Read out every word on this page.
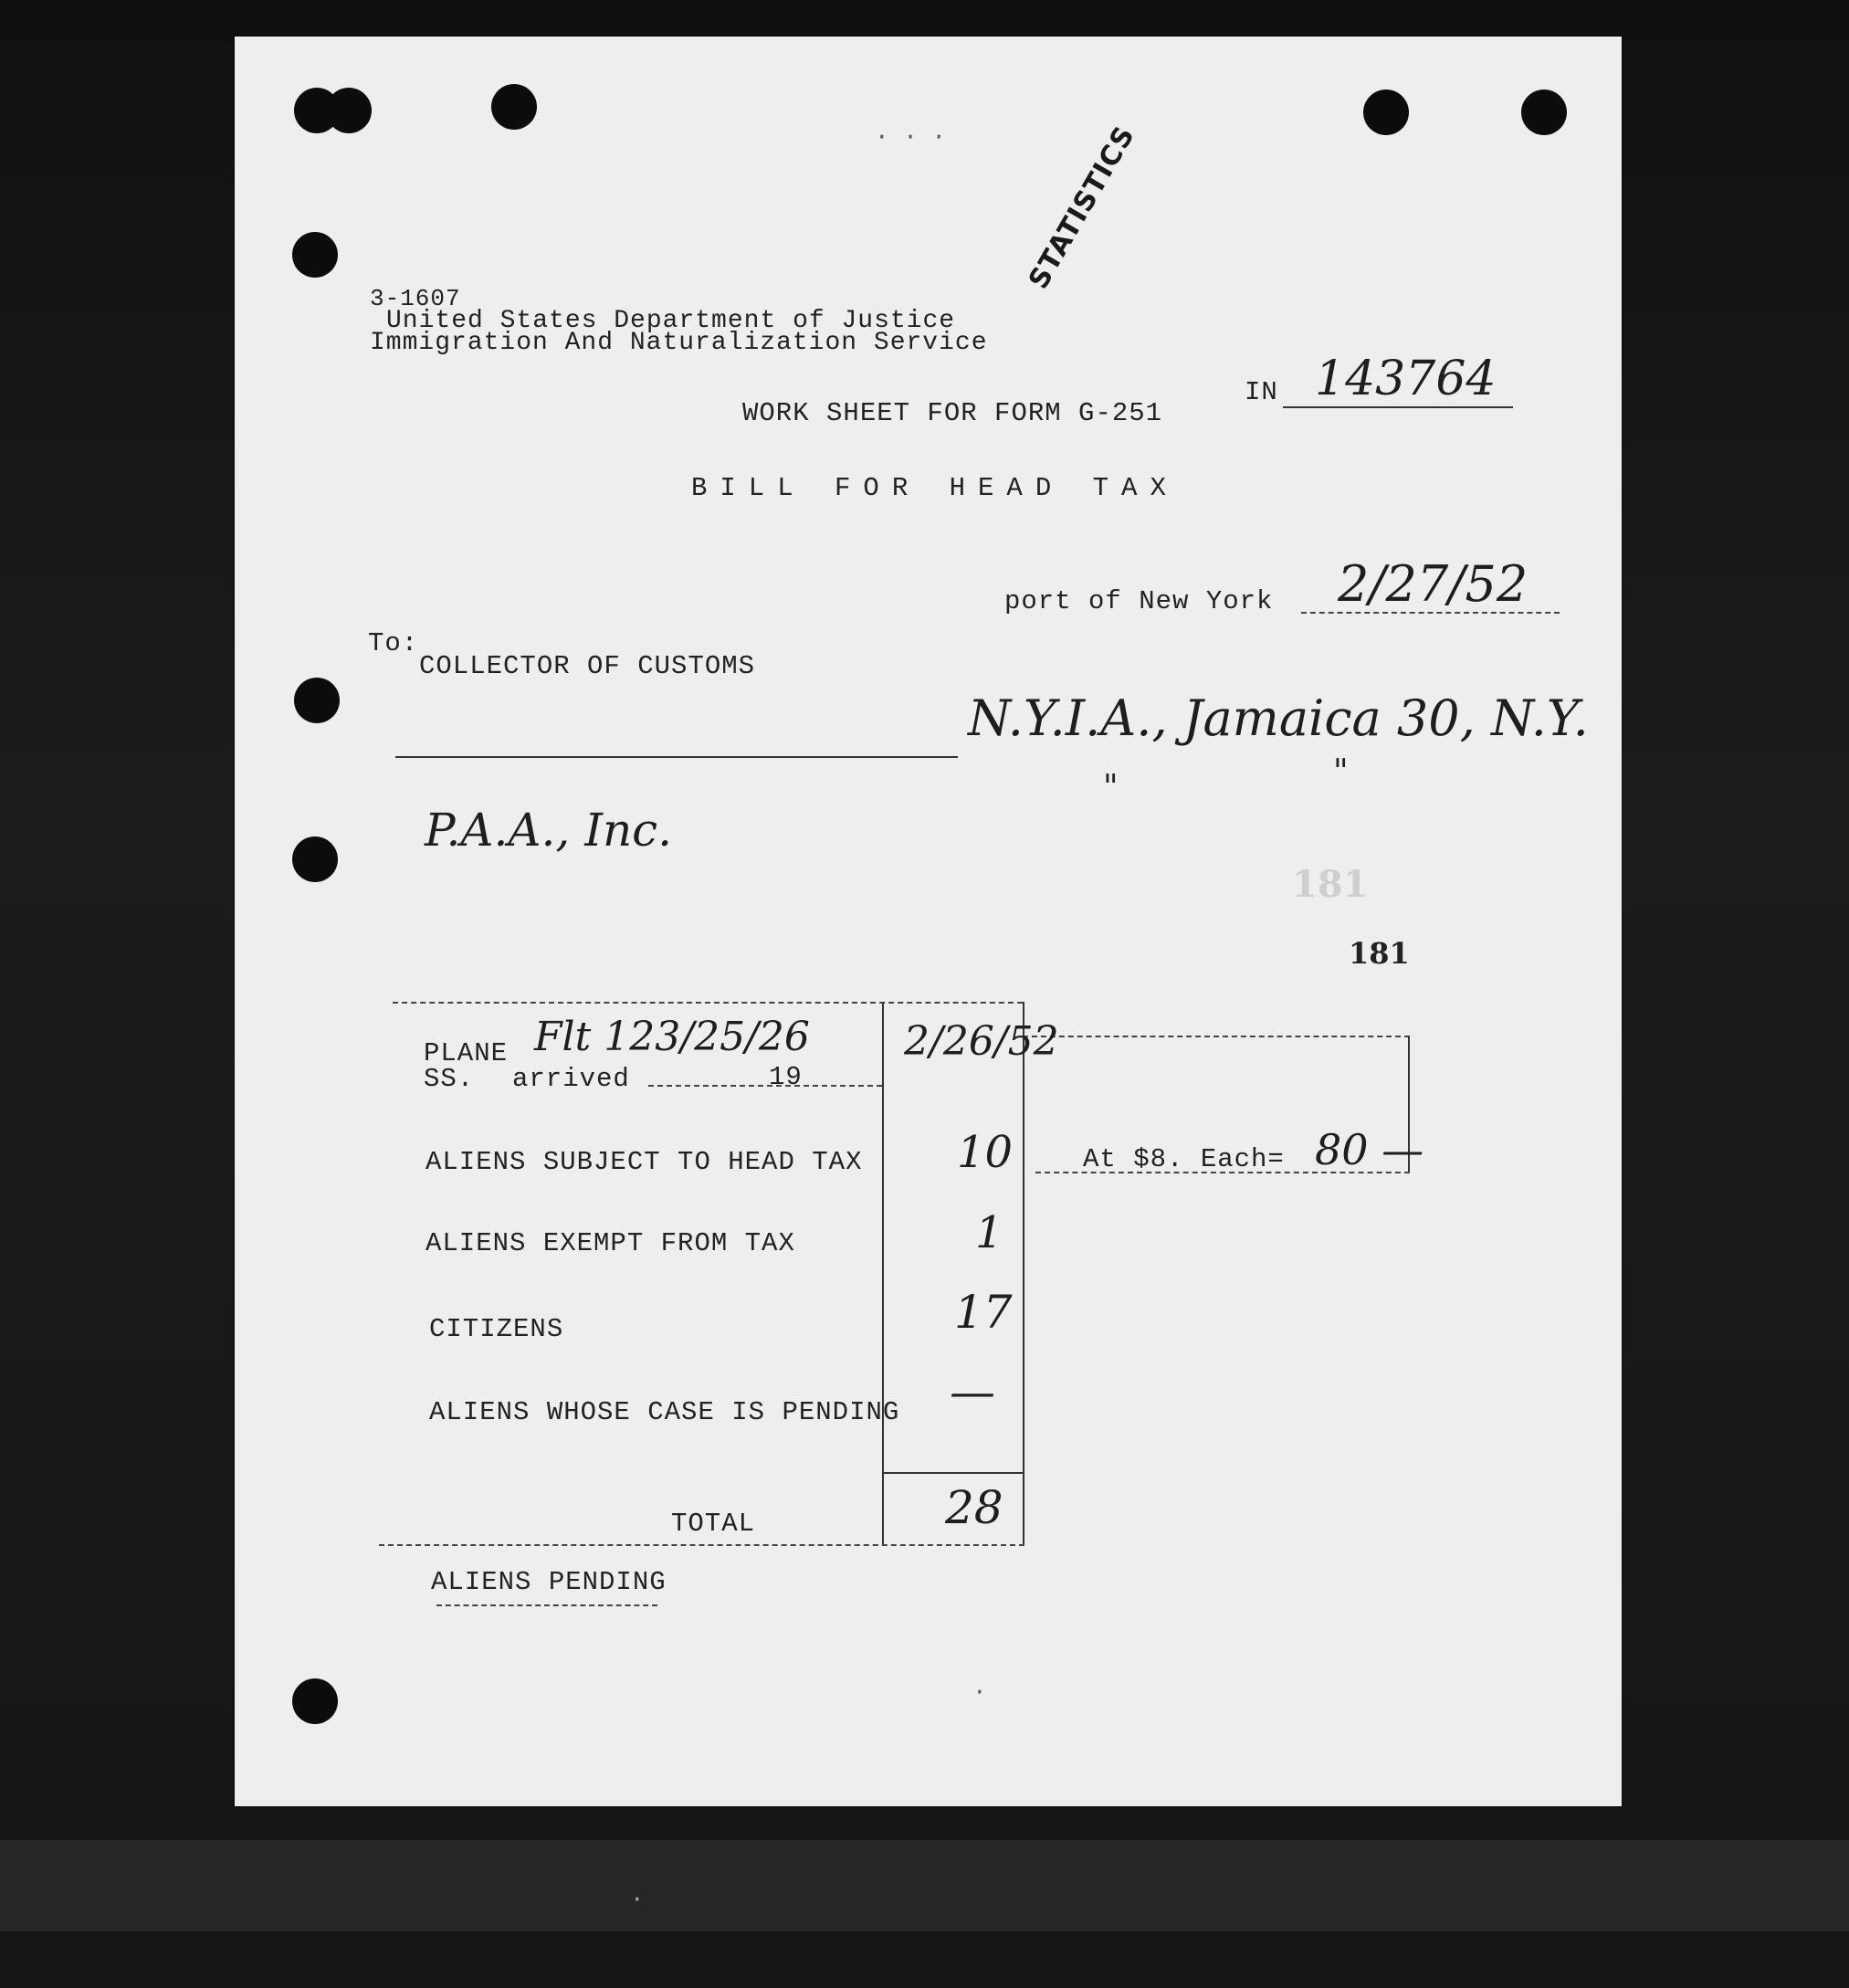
3-1607
United States Department of Justice
Immigration And Naturalization Service
STATISTICS
IN 143764
WORK SHEET FOR FORM G-251
BILL FOR HEAD TAX
port of New York 2/27/52
To:
COLLECTOR OF CUSTOMS
N.Y.I.A., Jamaica 30, N.Y.
"	"
P.A.A., Inc.
181
181
PLANE Flt 123/25/26 2/26/52
SS. arrived	19
ALIENS SUBJECT TO HEAD TAX 10	At $8. Each= 80 —
ALIENS EXEMPT FROM TAX	1
CITIZENS	17
ALIENS WHOSE CASE IS PENDING —
TOTAL	28
ALIENS PENDING
· · ·
·
·
